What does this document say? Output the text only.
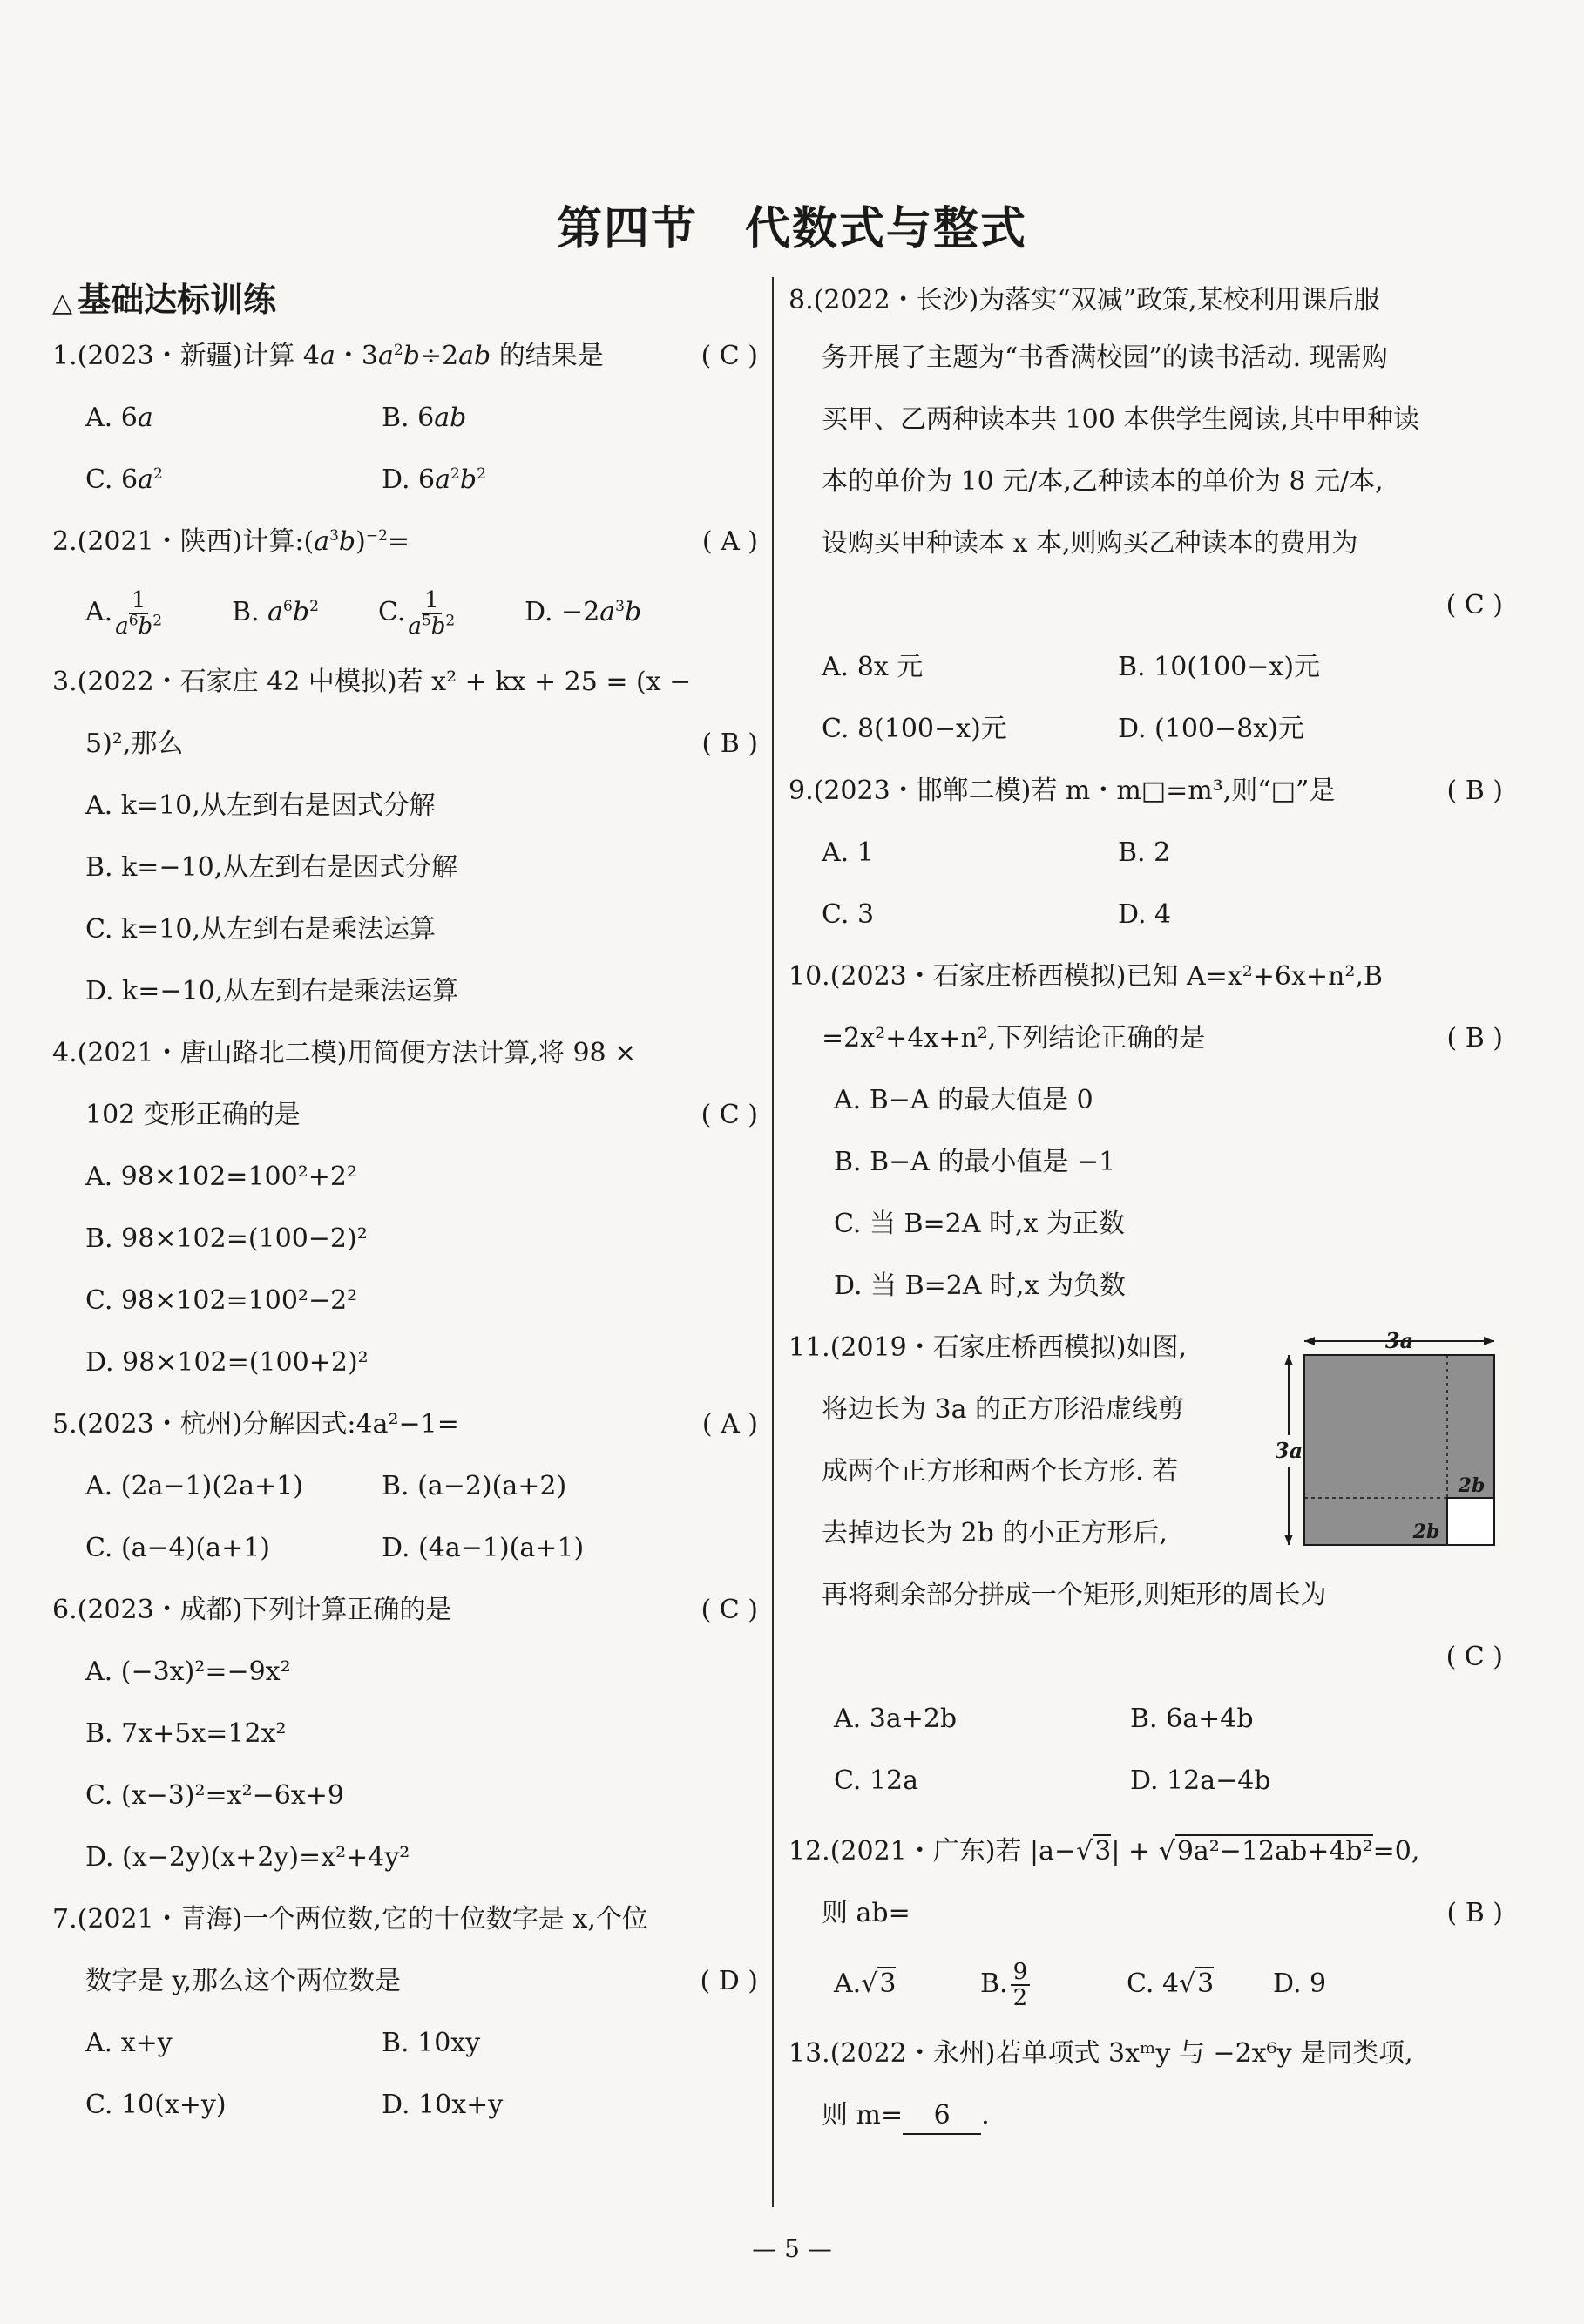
第四节　代数式与整式
△ 基础达标训练
1.(2023・新疆)计算 4a・$3a^2b\div 2ab$ 的结果是	( C )
A. 6a	B. 6ab
C. $6a^2$	D. $6a^2b^2$
2.(2021・陕西)计算$:(a^3b)^{-2}=$	( A )
A. $\frac{1}{a^6b^2}$	B. $a^6b^2$	C. $\frac{1}{a^5b^2}$	D. $-2a^3b$
3.(2022・石家庄 42 中模拟)若 x² + kx + 25 = (x −
5)²,那么	( B )
A. k=10,从左到右是因式分解
B. k=−10,从左到右是因式分解
C. k=10,从左到右是乘法运算
D. k=−10,从左到右是乘法运算
4.(2021・唐山路北二模)用简便方法计算,将 98 ×
102 变形正确的是	( C )
A. 98×102=100²+2²
B. 98×102=(100−2)²
C. 98×102=100²−2²
D. 98×102=(100+2)²
5.(2023・杭州)分解因式:4a²−1=	( A )
A. (2a−1)(2a+1)	B. (a−2)(a+2)
C. (a−4)(a+1)	D. (4a−1)(a+1)
6.(2023・成都)下列计算正确的是	( C )
A. (−3x)²=−9x²
B. 7x+5x=12x²
C. (x−3)²=x²−6x+9
D. (x−2y)(x+2y)=x²+4y²
7.(2021・青海)一个两位数,它的十位数字是 x,个位
数字是 y,那么这个两位数是	( D )
A. x+y	B. 10xy
C. 10(x+y)	D. 10x+y
8.(2022・长沙)为落实“双减”政策,某校利用课后服
务开展了主题为“书香满校园”的读书活动. 现需购
买甲、乙两种读本共 100 本供学生阅读,其中甲种读
本的单价为 10 元/本,乙种读本的单价为 8 元/本,
设购买甲种读本 x 本,则购买乙种读本的费用为
( C )
A. 8x 元	B. 10(100−x)元
C. 8(100−x)元	D. (100−8x)元
9.(2023・邯郸二模)若 m・m□=m³,则“□”是	( B )
A. 1	B. 2
C. 3	D. 4
10.(2023・石家庄桥西模拟)已知 A=x²+6x+n²,B
=2x²+4x+n²,下列结论正确的是	( B )
A. B−A 的最大值是 0
B. B−A 的最小值是 −1
C. 当 B=2A 时,x 为正数
D. 当 B=2A 时,x 为负数
11.(2019・石家庄桥西模拟)如图,
将边长为 3a 的正方形沿虚线剪
成两个正方形和两个长方形. 若
去掉边长为 2b 的小正方形后,
再将剩余部分拼成一个矩形,则矩形的周长为
( C )
3a
3a
2b
2b
A. 3a+2b	B. 6a+4b
C. 12a	D. 12a−4b
12.(2021・广东)若 |a−√3| + √9a²−12ab+4b²=0,
则 ab=	( B )
A.√3	B. $\frac{9}{2}$	C. 4√3	D. 9
13.(2022・永州)若单项式 3xᵐy 与 −2x⁶y 是同类项,
则 m= 6 .
— 5 —
